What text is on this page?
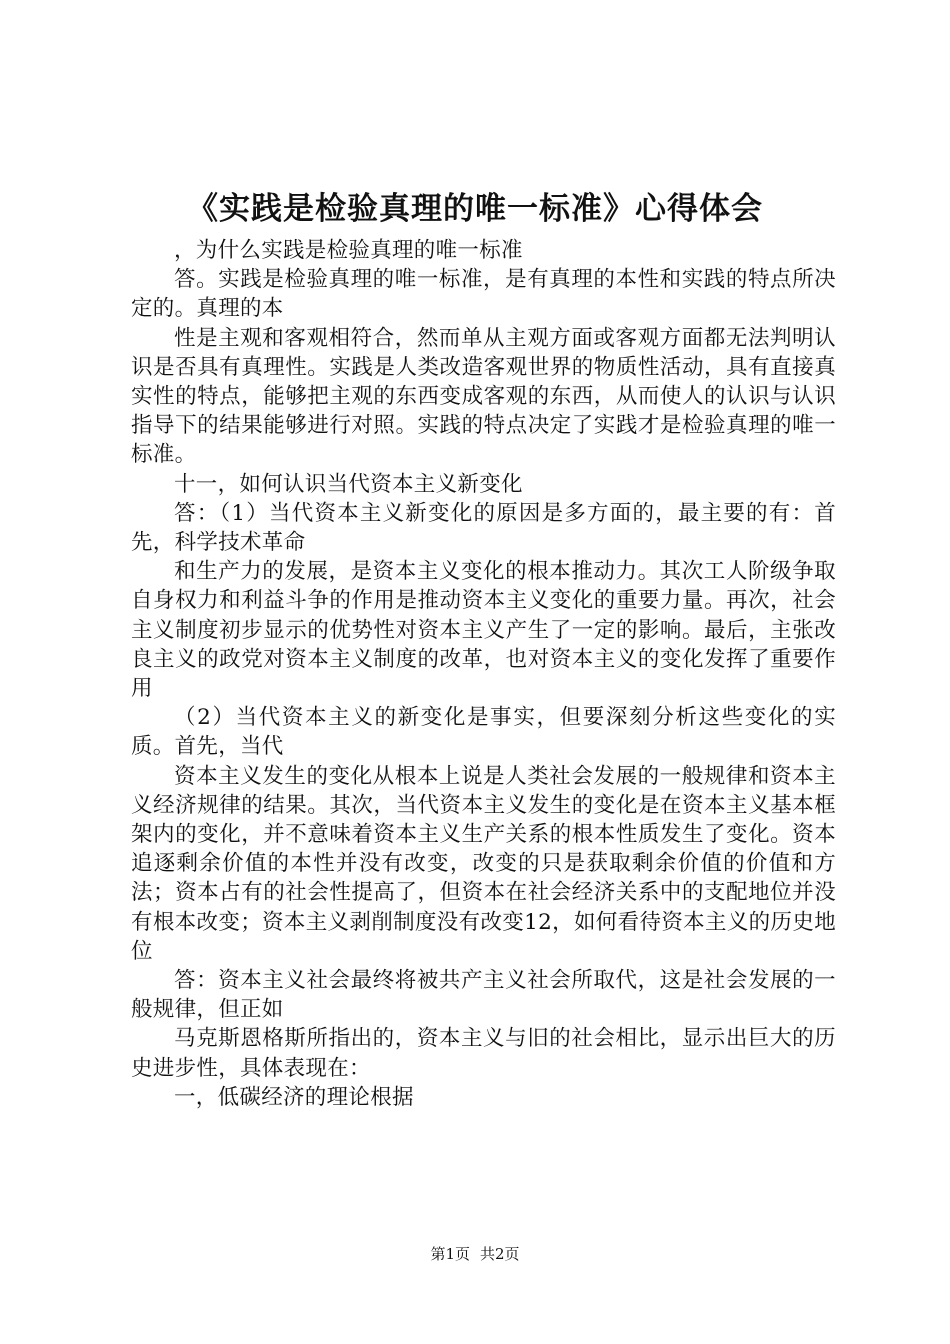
《实践是检验真理的唯一标准》心得体会

，为什么实践是检验真理的唯一标准

答。实践是检验真理的唯一标准，是有真理的本性和实践的特点所决定的。真理的本

性是主观和客观相符合，然而单从主观方面或客观方面都无法判明认识是否具有真理性。实践是人类改造客观世界的物质性活动，具有直接真实性的特点，能够把主观的东西变成客观的东西，从而使人的认识与认识指导下的结果能够进行对照。实践的特点决定了实践才是检验真理的唯一标准。

十一，如何认识当代资本主义新变化

答：（1）当代资本主义新变化的原因是多方面的，最主要的有：首先，科学技术革命

和生产力的发展，是资本主义变化的根本推动力。其次工人阶级争取自身权力和利益斗争的作用是推动资本主义变化的重要力量。再次，社会主义制度初步显示的优势性对资本主义产生了一定的影响。最后，主张改良主义的政党对资本主义制度的改革，也对资本主义的变化发挥了重要作用

（2）当代资本主义的新变化是事实，但要深刻分析这些变化的实质。首先，当代

资本主义发生的变化从根本上说是人类社会发展的一般规律和资本主义经济规律的结果。其次，当代资本主义发生的变化是在资本主义基本框架内的变化，并不意味着资本主义生产关系的根本性质发生了变化。资本追逐剩余价值的本性并没有改变，改变的只是获取剩余价值的价值和方法；资本占有的社会性提高了，但资本在社会经济关系中的支配地位并没有根本改变；资本主义剥削制度没有改变12，如何看待资本主义的历史地位

答：资本主义社会最终将被共产主义社会所取代，这是社会发展的一般规律，但正如

马克斯恩格斯所指出的，资本主义与旧的社会相比，显示出巨大的历史进步性，具体表现在：

一，低碳经济的理论根据

第1页 共2页
